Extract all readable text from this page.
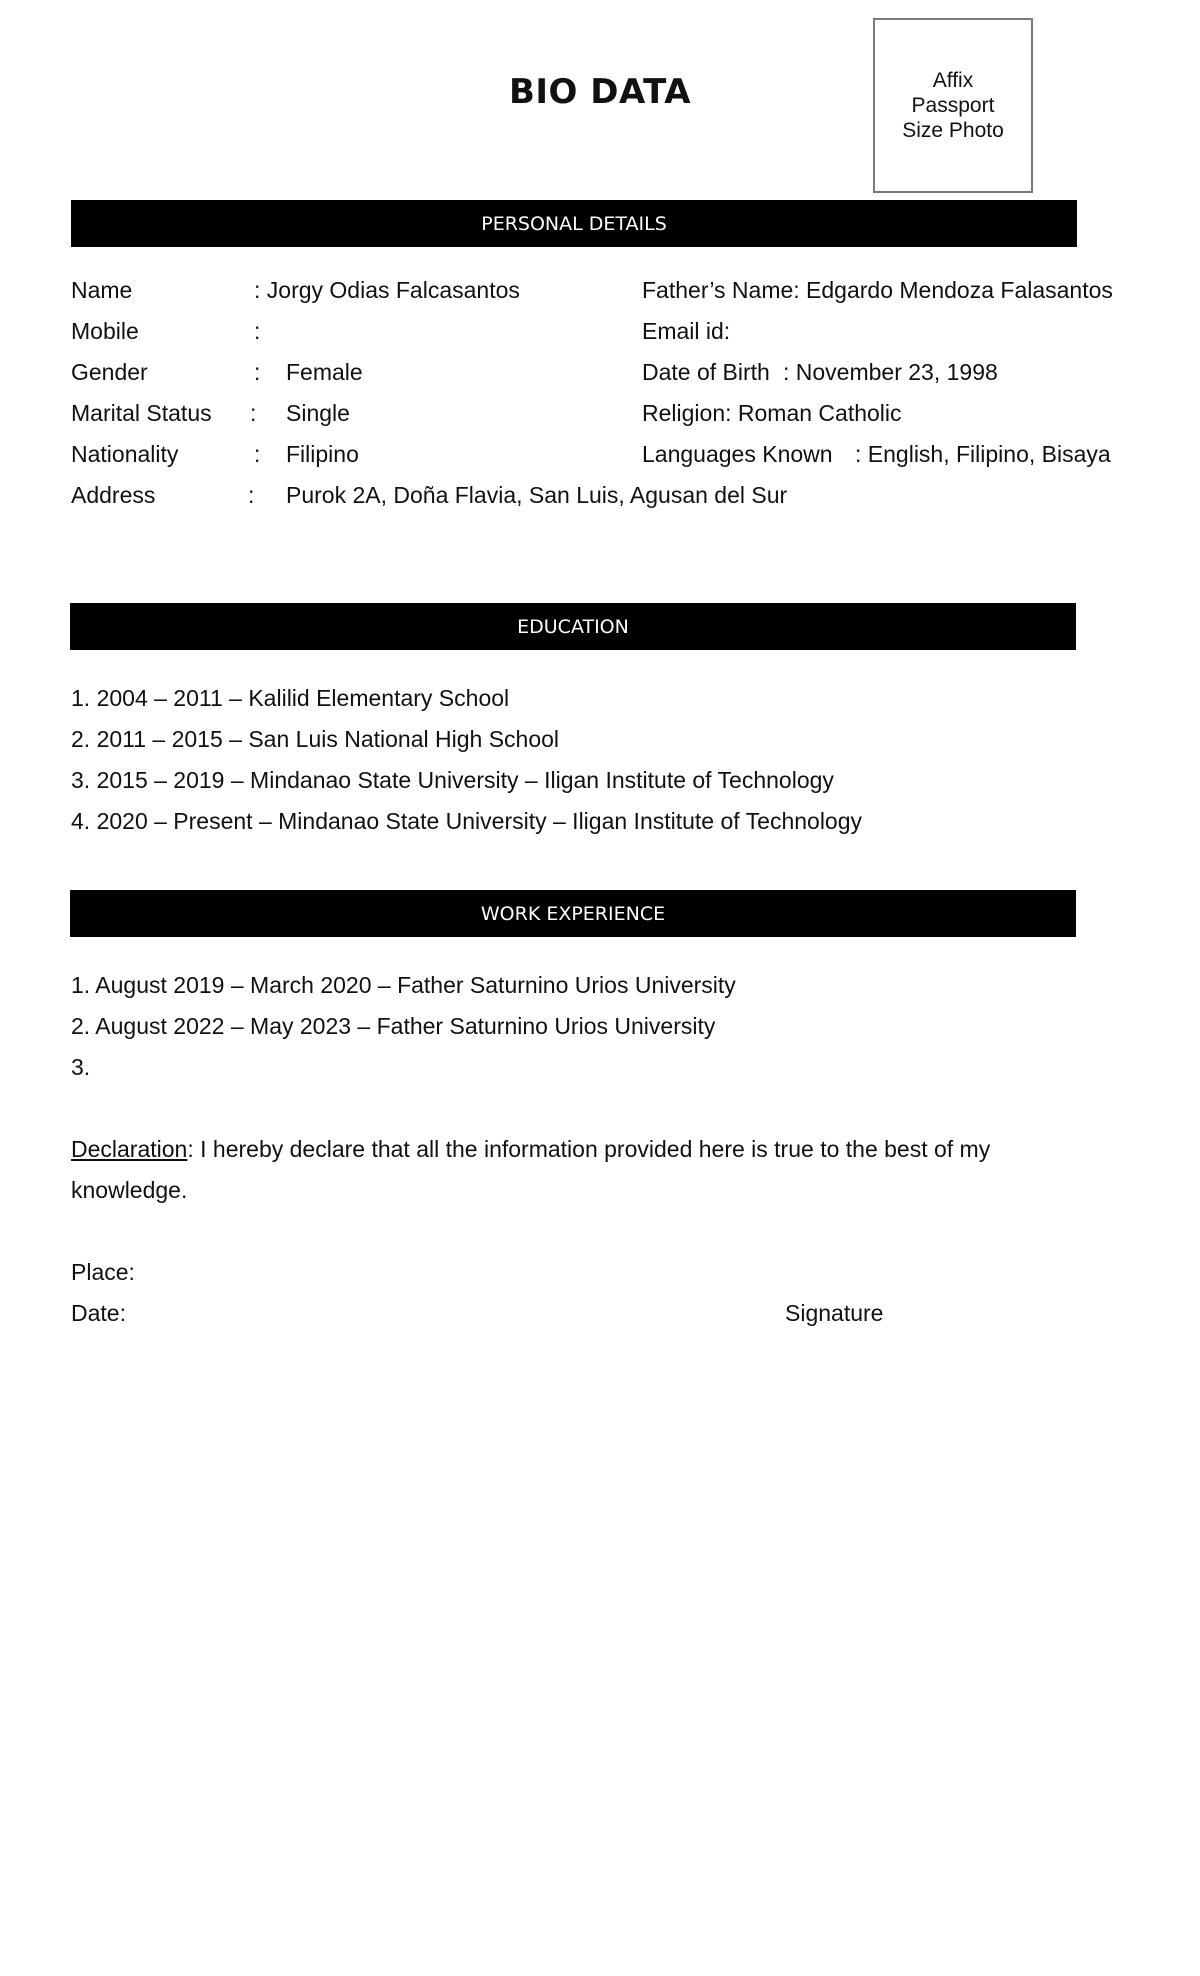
BIO DATA	Affix
Passport
Size Photo
PERSONAL DETAILS
Name	: Jorgy Odias Falcasantos
Mobile	:
Gender	: Female
Marital Status : Single
Nationality	: Filipino
Address	: Purok 2A, Doña Flavia, San Luis, Agusan del Sur
Father’s Name: Edgardo Mendoza Falasantos
Email id:
Date of Birth : November 23, 1998
Religion: Roman Catholic
Languages Known : English, Filipino, Bisaya
EDUCATION
1. 2004 – 2011 – Kalilid Elementary School
2. 2011 – 2015 – San Luis National High School
3. 2015 – 2019 – Mindanao State University – Iligan Institute of Technology
4. 2020 – Present – Mindanao State University – Iligan Institute of Technology
WORK EXPERIENCE
1. August 2019 – March 2020 – Father Saturnino Urios University
2. August 2022 – May 2023 – Father Saturnino Urios University
3.
Declaration: I hereby declare that all the information provided here is true to the best of my
knowledge.
Place:
Date:	Signature
